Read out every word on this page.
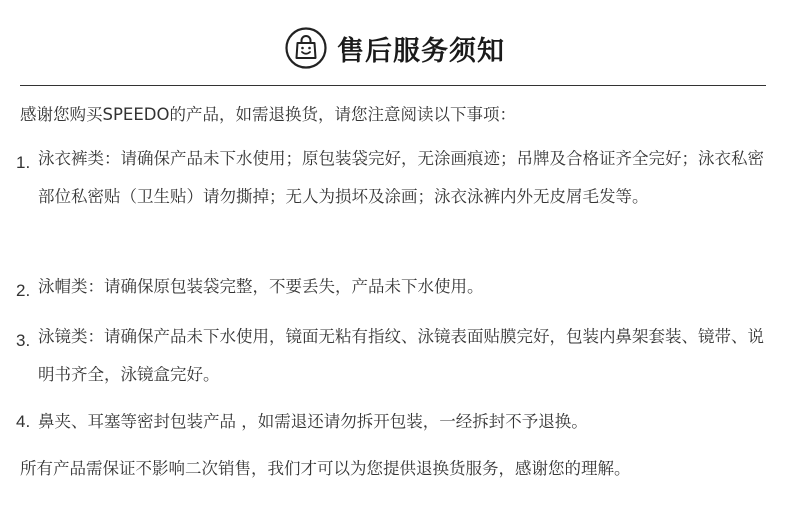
售后服务须知
感谢您购买SPEEDO的产品，如需退换货，请您注意阅读以下事项：
1. 泳衣裤类：请确保产品未下水使用；原包装袋完好，无涂画痕迹；吊牌及合格证齐全完好；泳衣私密部位私密贴（卫生贴）请勿撕掉；无人为损坏及涂画；泳衣泳裤内外无皮屑毛发等。
2. 泳帽类：请确保原包装袋完整，不要丢失，产品未下水使用。
3. 泳镜类：请确保产品未下水使用，镜面无粘有指纹、泳镜表面贴膜完好，包装内鼻架套装、镜带、说明书齐全，泳镜盒完好。
4. 鼻夹、耳塞等密封包装产品 ，如需退还请勿拆开包装，一经拆封不予退换。
所有产品需保证不影响二次销售，我们才可以为您提供退换货服务，感谢您的理解。
